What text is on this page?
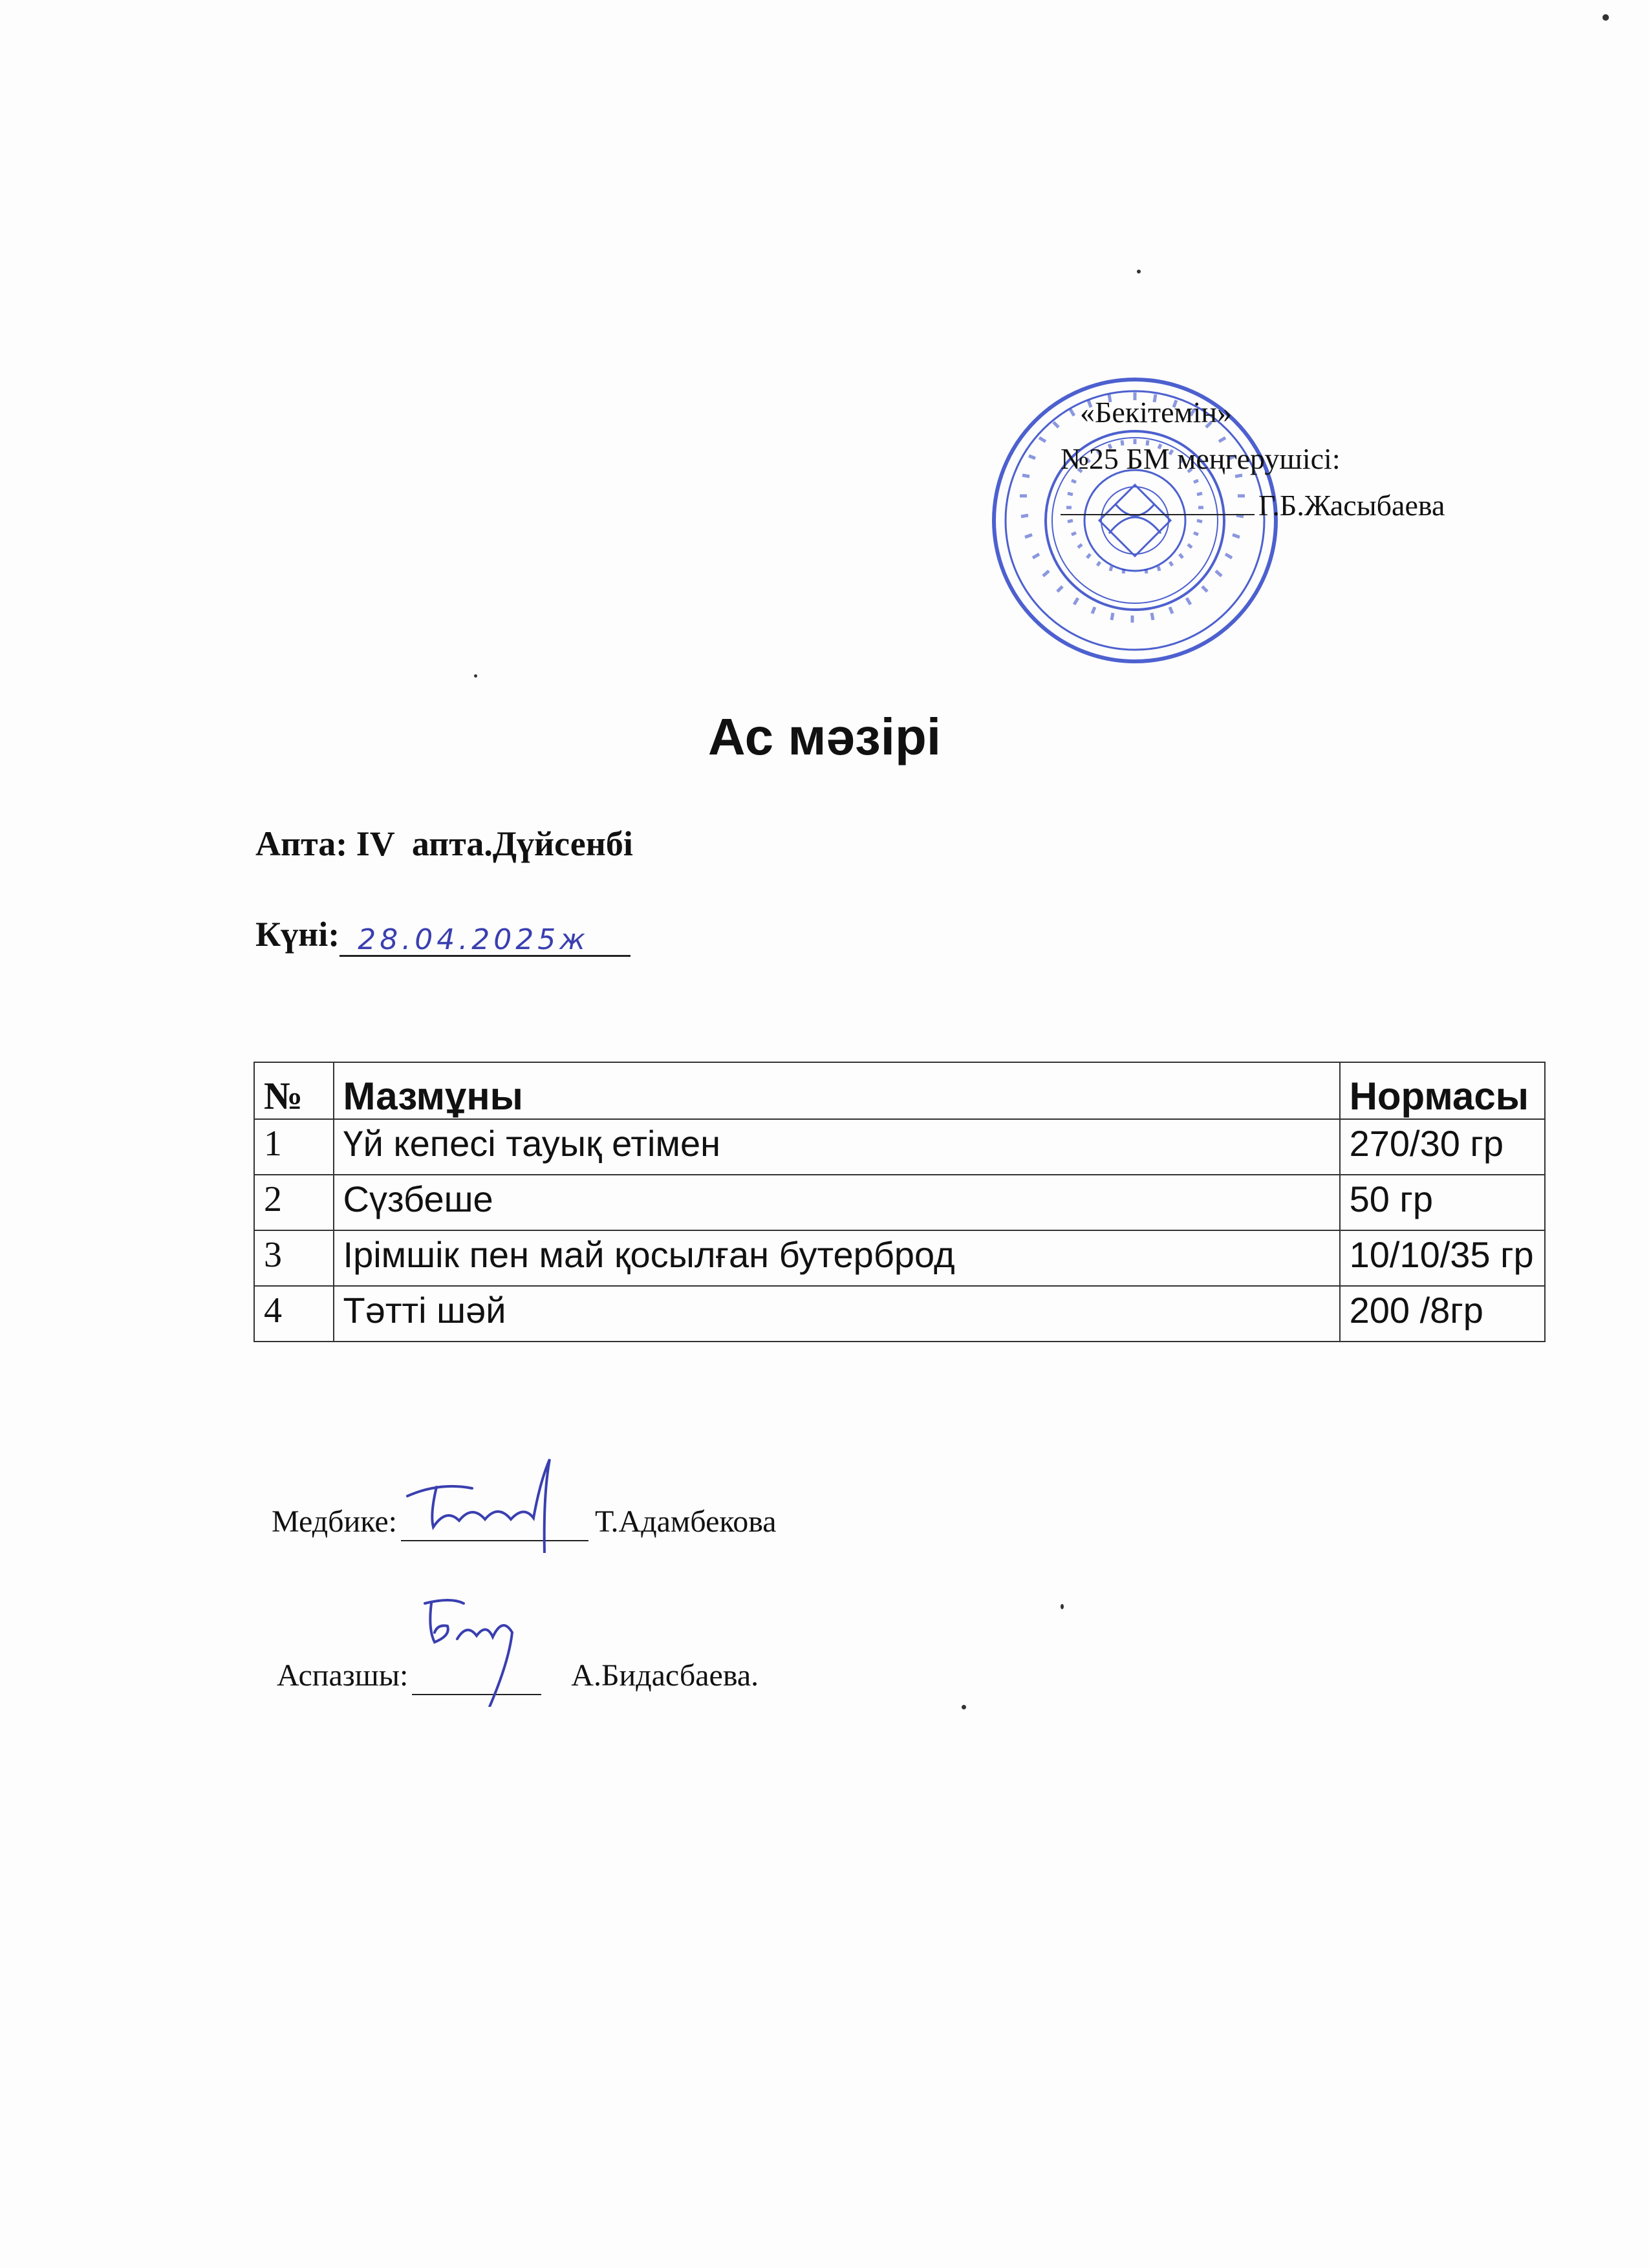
«Бекітемін»
№25 БМ меңгерушісі:
Г.Б.Жасыбаева
Ас мәзірі
Апта: IV  апта.Дүйсенбі
Күні: 28.04.2025ж
№	Мазмұны	Нормасы
1	Үй кепесі тауық етімен	270/30 гр
2	Сүзбеше	50 гр
3	Ірімшік пен май қосылған бутерброд	10/10/35 гр
4	Тәтті шәй	200 /8гр
Медбике:	Т.Адамбекова
Аспазшы:	А.Бидасбаева.
